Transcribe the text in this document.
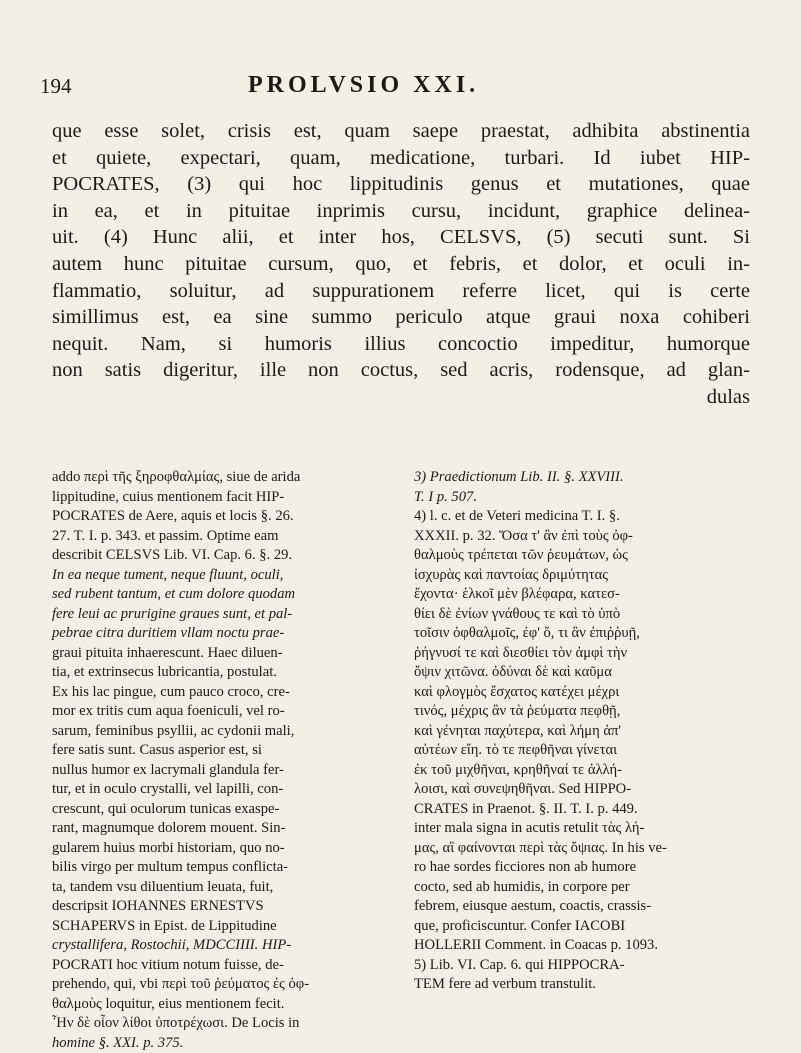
194	PROLVSIO XXI.
que esse solet, crisis est, quam saepe praestat, adhibita abstinentia
et quiete, expectari, quam, medicatione, turbari. Id iubet HIP-
POCRATES, (3) qui hoc lippitudinis genus et mutationes, quae
in ea, et in pituitae inprimis cursu, incidunt, graphice delinea-
uit. (4) Hunc alii, et inter hos, CELSVS, (5) secuti sunt. Si
autem hunc pituitae cursum, quo, et febris, et dolor, et oculi in-
flammatio, soluitur, ad suppurationem referre licet, qui is certe
simillimus est, ea sine summo periculo atque graui noxa cohiberi
nequit. Nam, si humoris illius concoctio impeditur, humorque
non satis digeritur, ille non coctus, sed acris, rodensque, ad glan-
dulas
addo περὶ τῆς ξηροφθαλμίας, siue de arida
lippitudine, cuius mentionem facit HIP-
POCRATES de Aere, aquis et locis §. 26.
27. T. I. p. 343. et passim. Optime eam
describit CELSVS Lib. VI. Cap. 6. §. 29.
In ea neque tument, neque fluunt, oculi,
sed rubent tantum, et cum dolore quodam
fere leui ac prurigine graues sunt, et pal-
pebrae citra duritiem vllam noctu prae-
graui pituita inhaerescunt. Haec diluen-
tia, et extrinsecus lubricantia, postulat.
Ex his lac pingue, cum pauco croco, cre-
mor ex tritis cum aqua foeniculi, vel ro-
sarum, feminibus psyllii, ac cydonii mali,
fere satis sunt. Casus asperior est, si
nullus humor ex lacrymali glandula fer-
tur, et in oculo crystalli, vel lapilli, con-
crescunt, qui oculorum tunicas exaspe-
rant, magnumque dolorem mouent. Sin-
gularem huius morbi historiam, quo no-
bilis virgo per multum tempus conflicta-
ta, tandem vsu diluentium leuata, fuit,
descripsit IOHANNES ERNESTVS
SCHAPERVS in Epist. de Lippitudine
crystallifera, Rostochii, MDCCIIII. HIP-
POCRATI hoc vitium notum fuisse, de-
prehendo, qui, vbi περὶ τοῦ ῥεύματος ἐς ὀφ-
θαλμοὺς loquitur, eius mentionem fecit.
Ἦν δὲ οἷον λίθοι ὑποτρέχωσι. De Locis in
homine §. XXI. p. 375.
3) Praedictionum Lib. II. §. XXVIII.
T. I p. 507.
4) l. c. et de Veteri medicina T. I. §.
XXXII. p. 32. Ὅσα τ' ἂν ἐπὶ τοὺς ὀφ-
θαλμοὺς τρέπεται τῶν ῥευμάτων, ὡς
ἰσχυρὰς καὶ παντοίας δριμύτητας
ἔχοντα· ἑλκοῖ μὲν βλέφαρα, κατεσ-
θίει δὲ ἐνίων γνάθους τε καὶ τὸ ὑπὸ
τοῖσιν ὀφθαλμοῖς, ἐφ' ὅ, τι ἂν ἐπιῤῥυῇ,
ῥήγνυσί τε καὶ διεσθίει τὸν ἀμφὶ τὴν
ὄψιν χιτῶνα. ὀδύναι δὲ καὶ καῦμα
καὶ φλογμὸς ἔσχατος κατέχει μέχρι
τινός, μέχρις ἂν τὰ ῥεύματα πεφθῇ,
καὶ γένηται παχύτερα, καὶ λήμη ἀπ'
αὐτέων εἴη. τὸ τε πεφθῆναι γίνεται
ἐκ τοῦ μιχθῆναι, κρηθῆναί τε ἀλλή-
λοισι, καὶ συνεψηθῆναι. Sed HIPPO-
CRATES in Praenot. §. II. T. I. p. 449.
inter mala signa in acutis retulit τὰς λή-
μας, αἳ φαίνονται περὶ τὰς ὄψιας. In his ve-
ro hae sordes ficciores non ab humore
cocto, sed ab humidis, in corpore per
febrem, eiusque aestum, coactis, crassis-
que, proficiscuntur. Confer IACOBI
HOLLERII Comment. in Coacas p. 1093.
5) Lib. VI. Cap. 6. qui HIPPOCRA-
TEM fere ad verbum transtulit.
